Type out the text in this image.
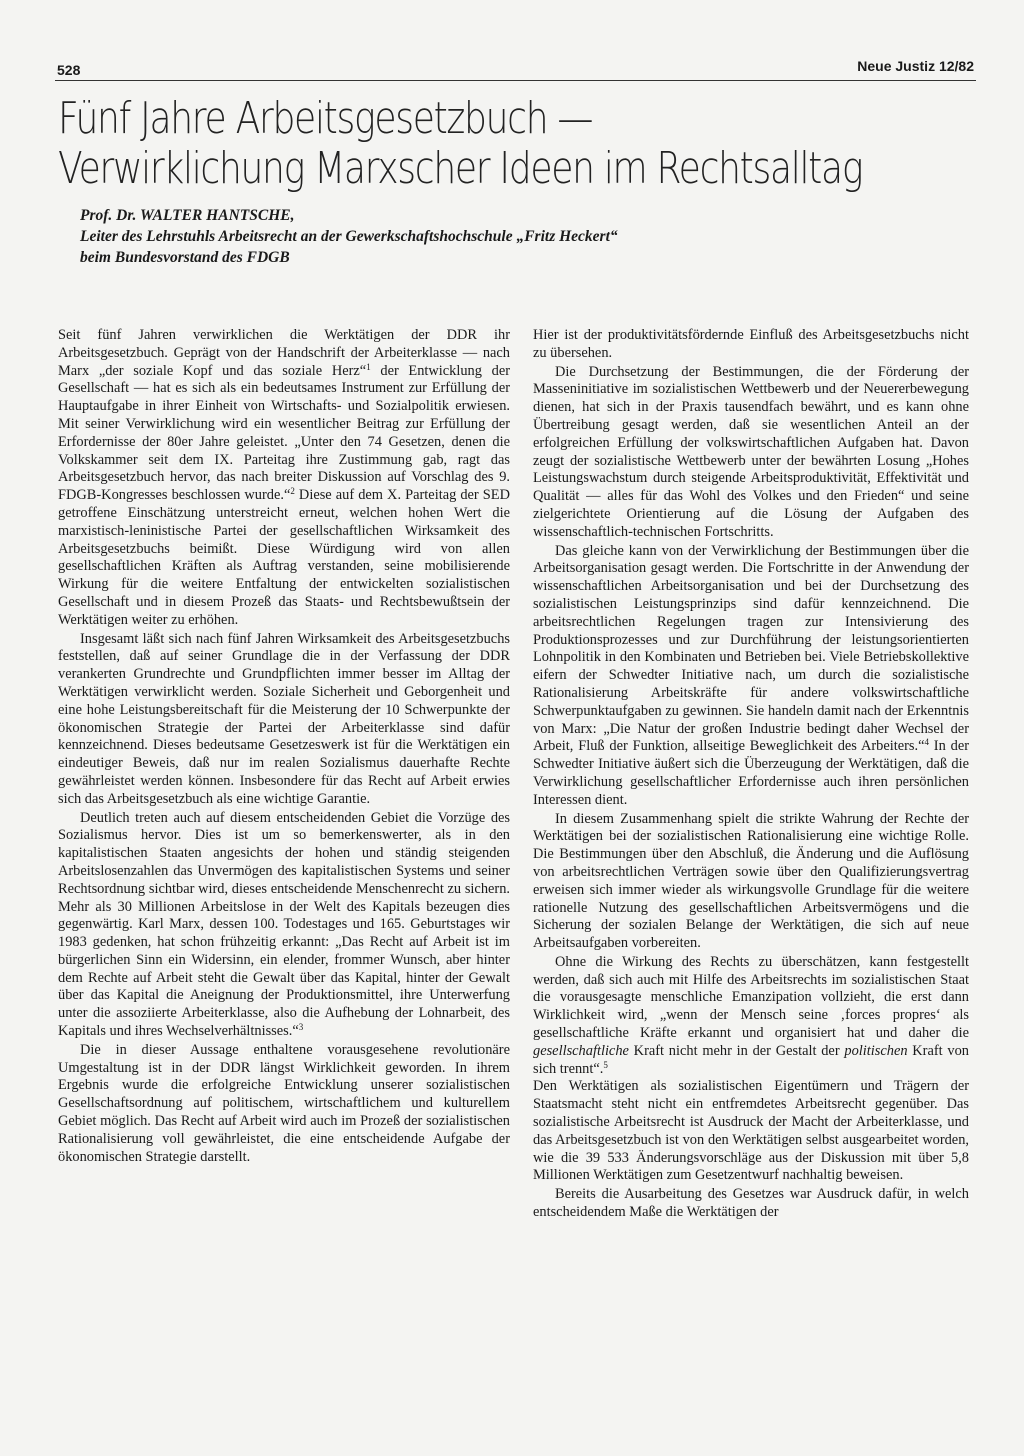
528	Neue Justiz 12/82
Fünf Jahre Arbeitsgesetzbuch —
Verwirklichung Marxscher Ideen im Rechtsalltag
Prof. Dr. WALTER HANTSCHE,
Leiter des Lehrstuhls Arbeitsrecht an der Gewerkschaftshochschule „Fritz Heckert“
beim Bundesvorstand des FDGB

Seit fünf Jahren verwirklichen die Werktätigen der DDR ihr Arbeitsgesetzbuch. Geprägt von der Handschrift der Arbeiterklasse — nach Marx „der soziale Kopf und das soziale Herz“$^1$ der Entwicklung der Gesellschaft — hat es sich als ein bedeutsames Instrument zur Erfüllung der Hauptaufgabe in ihrer Einheit von Wirtschafts- und Sozialpolitik erwiesen. Mit seiner Verwirklichung wird ein wesentlicher Beitrag zur Erfüllung der Erfordernisse der 80er Jahre geleistet. „Unter den 74 Gesetzen, denen die Volkskammer seit dem IX. Parteitag ihre Zustimmung gab, ragt das Arbeitsgesetzbuch hervor, das nach breiter Diskussion auf Vorschlag des 9. FDGB-Kongresses beschlossen wurde.“$^2$ Diese auf dem X. Parteitag der SED getroffene Einschätzung unterstreicht erneut, welchen hohen Wert die marxistisch-leninistische Partei der gesellschaftlichen Wirksamkeit des Arbeitsgesetzbuchs beimißt. Diese Würdigung wird von allen gesellschaftlichen Kräften als Auftrag verstanden, seine mobilisierende Wirkung für die weitere Entfaltung der entwickelten sozialistischen Gesellschaft und in diesem Prozeß das Staats- und Rechtsbewußtsein der Werktätigen weiter zu erhöhen.

Insgesamt läßt sich nach fünf Jahren Wirksamkeit des Arbeitsgesetzbuchs feststellen, daß auf seiner Grundlage die in der Verfassung der DDR verankerten Grundrechte und Grundpflichten immer besser im Alltag der Werktätigen verwirklicht werden. Soziale Sicherheit und Geborgenheit und eine hohe Leistungsbereitschaft für die Meisterung der 10 Schwerpunkte der ökonomischen Strategie der Partei der Arbeiterklasse sind dafür kennzeichnend. Dieses bedeutsame Gesetzeswerk ist für die Werktätigen ein eindeutiger Beweis, daß nur im realen Sozialismus dauerhafte Rechte gewährleistet werden können. Insbesondere für das Recht auf Arbeit erwies sich das Arbeitsgesetzbuch als eine wichtige Garantie.

Deutlich treten auch auf diesem entscheidenden Gebiet die Vorzüge des Sozialismus hervor. Dies ist um so bemerkenswerter, als in den kapitalistischen Staaten angesichts der hohen und ständig steigenden Arbeitslosenzahlen das Unvermögen des kapitalistischen Systems und seiner Rechtsordnung sichtbar wird, dieses entscheidende Menschenrecht zu sichern. Mehr als 30 Millionen Arbeitslose in der Welt des Kapitals bezeugen dies gegenwärtig. Karl Marx, dessen 100. Todestages und 165. Geburtstages wir 1983 gedenken, hat schon frühzeitig erkannt: „Das Recht auf Arbeit ist im bürgerlichen Sinn ein Widersinn, ein elender, frommer Wunsch, aber hinter dem Rechte auf Arbeit steht die Gewalt über das Kapital, hinter der Gewalt über das Kapital die Aneignung der Produktionsmittel, ihre Unterwerfung unter die assoziierte Arbeiterklasse, also die Aufhebung der Lohnarbeit, des Kapitals und ihres Wechselverhältnisses.“$^3$

Die in dieser Aussage enthaltene vorausgesehene revolutionäre Umgestaltung ist in der DDR längst Wirklichkeit geworden. In ihrem Ergebnis wurde die erfolgreiche Entwicklung unserer sozialistischen Gesellschaftsordnung auf politischem, wirtschaftlichem und kulturellem Gebiet möglich. Das Recht auf Arbeit wird auch im Prozeß der sozialistischen Rationalisierung voll gewährleistet, die eine entscheidende Aufgabe der ökonomischen Strategie darstellt.

Hier ist der produktivitätsfördernde Einfluß des Arbeitsgesetzbuchs nicht zu übersehen.

Die Durchsetzung der Bestimmungen, die der Förderung der Masseninitiative im sozialistischen Wettbewerb und der Neuererbewegung dienen, hat sich in der Praxis tausendfach bewährt, und es kann ohne Übertreibung gesagt werden, daß sie wesentlichen Anteil an der erfolgreichen Erfüllung der volkswirtschaftlichen Aufgaben hat. Davon zeugt der sozialistische Wettbewerb unter der bewährten Losung „Hohes Leistungswachstum durch steigende Arbeitsproduktivität, Effektivität und Qualität — alles für das Wohl des Volkes und den Frieden“ und seine zielgerichtete Orientierung auf die Lösung der Aufgaben des wissenschaftlich-technischen Fortschritts.

Das gleiche kann von der Verwirklichung der Bestimmungen über die Arbeitsorganisation gesagt werden. Die Fortschritte in der Anwendung der wissenschaftlichen Arbeitsorganisation und bei der Durchsetzung des sozialistischen Leistungsprinzips sind dafür kennzeichnend. Die arbeitsrechtlichen Regelungen tragen zur Intensivierung des Produktionsprozesses und zur Durchführung der leistungsorientierten Lohnpolitik in den Kombinaten und Betrieben bei. Viele Betriebskollektive eifern der Schwedter Initiative nach, um durch die sozialistische Rationalisierung Arbeitskräfte für andere volkswirtschaftliche Schwerpunktaufgaben zu gewinnen. Sie handeln damit nach der Erkenntnis von Marx: „Die Natur der großen Industrie bedingt daher Wechsel der Arbeit, Fluß der Funktion, allseitige Beweglichkeit des Arbeiters.“$^4$ In der Schwedter Initiative äußert sich die Überzeugung der Werktätigen, daß die Verwirklichung gesellschaftlicher Erfordernisse auch ihren persönlichen Interessen dient.

In diesem Zusammenhang spielt die strikte Wahrung der Rechte der Werktätigen bei der sozialistischen Rationalisierung eine wichtige Rolle. Die Bestimmungen über den Abschluß, die Änderung und die Auflösung von arbeitsrechtlichen Verträgen sowie über den Qualifizierungsvertrag erweisen sich immer wieder als wirkungsvolle Grundlage für die weitere rationelle Nutzung des gesellschaftlichen Arbeitsvermögens und die Sicherung der sozialen Belange der Werktätigen, die sich auf neue Arbeitsaufgaben vorbereiten.

Ohne die Wirkung des Rechts zu überschätzen, kann festgestellt werden, daß sich auch mit Hilfe des Arbeitsrechts im sozialistischen Staat die vorausgesagte menschliche Emanzipation vollzieht, die erst dann Wirklichkeit wird, „wenn der Mensch seine ‚forces propres‘ als gesellschaftliche Kräfte erkannt und organisiert hat und daher die gesellschaftliche Kraft nicht mehr in der Gestalt der politischen Kraft von sich trennt“.$^5$

Den Werktätigen als sozialistischen Eigentümern und Trägern der Staatsmacht steht nicht ein entfremdetes Arbeitsrecht gegenüber. Das sozialistische Arbeitsrecht ist Ausdruck der Macht der Arbeiterklasse, und das Arbeitsgesetzbuch ist von den Werktätigen selbst ausgearbeitet worden, wie die 39 533 Änderungsvorschläge aus der Diskussion mit über 5,8 Millionen Werktätigen zum Gesetzentwurf nachhaltig beweisen.

Bereits die Ausarbeitung des Gesetzes war Ausdruck dafür, in welch entscheidendem Maße die Werktätigen der
